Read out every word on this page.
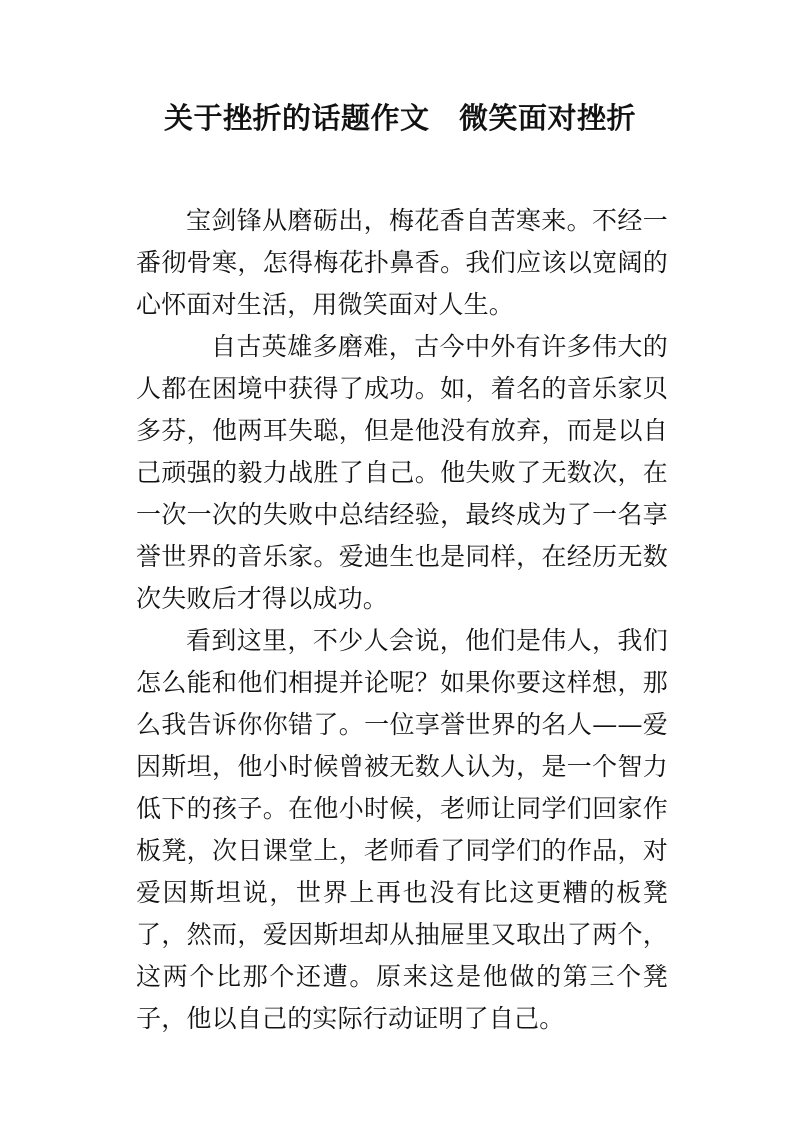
关于挫折的话题作文　微笑面对挫折

宝剑锋从磨砺出，梅花香自苦寒来。不经一番彻骨寒，怎得梅花扑鼻香。我们应该以宽阔的心怀面对生活，用微笑面对人生。

自古英雄多磨难，古今中外有许多伟大的人都在困境中获得了成功。如，着名的音乐家贝多芬，他两耳失聪，但是他没有放弃，而是以自己顽强的毅力战胜了自己。他失败了无数次，在一次一次的失败中总结经验，最终成为了一名享誉世界的音乐家。爱迪生也是同样，在经历无数次失败后才得以成功。

看到这里，不少人会说，他们是伟人，我们怎么能和他们相提并论呢？如果你要这样想，那么我告诉你你错了。一位享誉世界的名人——爱因斯坦，他小时候曾被无数人认为，是一个智力低下的孩子。在他小时候，老师让同学们回家作板凳，次日课堂上，老师看了同学们的作品，对爱因斯坦说，世界上再也没有比这更糟的板凳了，然而，爱因斯坦却从抽屉里又取出了两个，这两个比那个还遭。原来这是他做的第三个凳子，他以自己的实际行动证明了自己。
